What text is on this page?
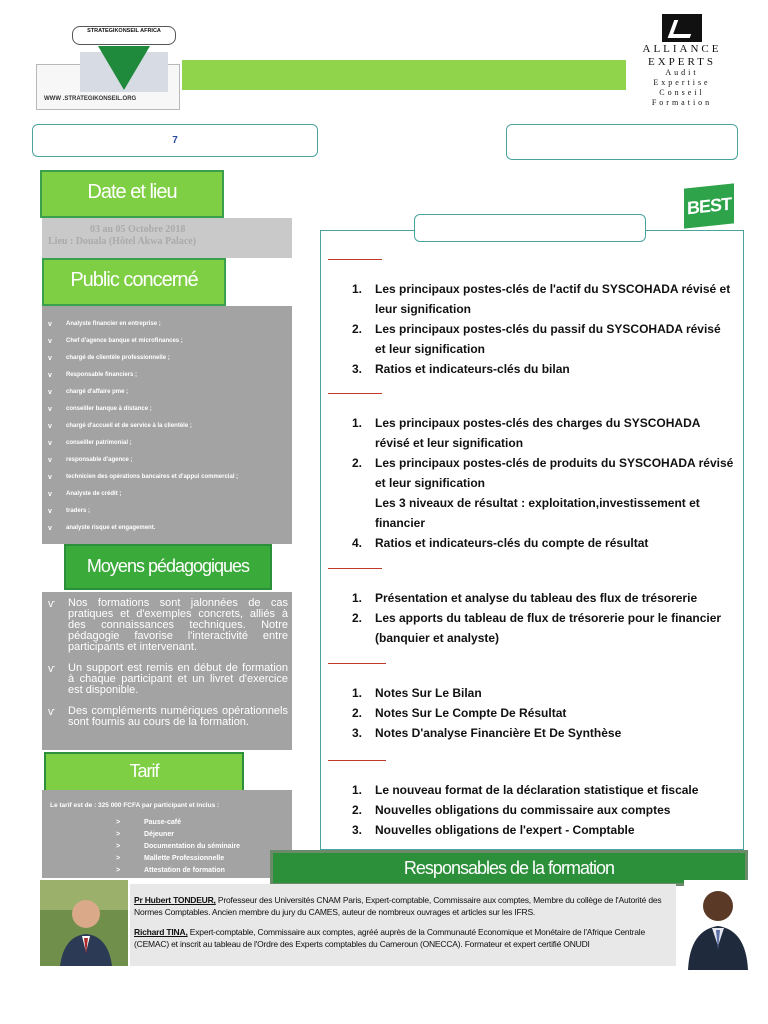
STRATEGIKONSEIL AFRICA
WWW .STRATEGIKONSEIL.ORG
ALLIANCE
EXPERTS
Audit
Expertise
Conseil
Formation
7
Date et lieu
03 au 05 Octobre 2018
Lieu : Douala (Hôtel Akwa Palace)
Public concerné
v Analyste financier en entreprise ;
v Chef d'agence banque et microfinances ;
v chargé de clientèle professionnelle ;
v Responsable financiers ;
v chargé d'affaire pme ;
v conseiller banque à distance ;
v chargé d'accueil et de service à la clientèle ;
v conseiller patrimonial ;
v responsable d'agence ;
v technicien des opérations bancaires et d'appui commercial ;
v Analyste de crédit ;
v traders ;
v analyste risque et engagement.
Moyens pédagogiques

ѵ Nos formations sont jalonnées de cas pratiques et d'exemples concrets, alliés à des connaissances techniques. Notre pédagogie favorise l'interactivité entre participants et intervenant.

ѵ Un support est remis en début de formation à chaque participant et un livret d'exercice est disponible.

ѵ Des compléments numériques opérationnels sont fournis au cours de la formation.

Tarif
Le tarif est de : 325 000 FCFA par participant et inclus :
> Pause-café
> Déjeuner
> Documentation du séminaire
> Mallette Professionnelle
> Attestation de formation
BEST
1. Les principaux postes-clés de l'actif du SYSCOHADA révisé et leur signification
2. Les principaux postes-clés du passif du SYSCOHADA révisé et leur signification
3. Ratios et indicateurs-clés du bilan
1. Les principaux postes-clés des charges du SYSCOHADA révisé et leur signification
2. Les principaux postes-clés de produits du SYSCOHADA révisé et leur signification
Les 3 niveaux de résultat : exploitation,investissement et financier
4. Ratios et indicateurs-clés du compte de résultat
1. Présentation et analyse du tableau des flux de trésorerie
2. Les apports du tableau de flux de trésorerie pour le financier (banquier et analyste)
1. Notes Sur Le Bilan
2. Notes Sur Le Compte De Résultat
3. Notes D'analyse Financière Et De Synthèse
1. Le nouveau format de la déclaration statistique et fiscale
2. Nouvelles obligations du commissaire aux comptes
3. Nouvelles obligations de l'expert - Comptable
Responsables de la formation
Pr Hubert TONDEUR, Professeur des Universités CNAM Paris, Expert-comptable, Commissaire aux comptes, Membre du collège de l'Autorité des Normes Comptables. Ancien membre du jury du CAMES, auteur de nombreux ouvrages et articles sur les IFRS.
Richard TINA, Expert-comptable, Commissaire aux comptes, agréé auprès de la Communauté Economique et Monétaire de l'Afrique Centrale (CEMAC) et inscrit au tableau de l'Ordre des Experts comptables du Cameroun (ONECCA). Formateur et expert certifié ONUDI
